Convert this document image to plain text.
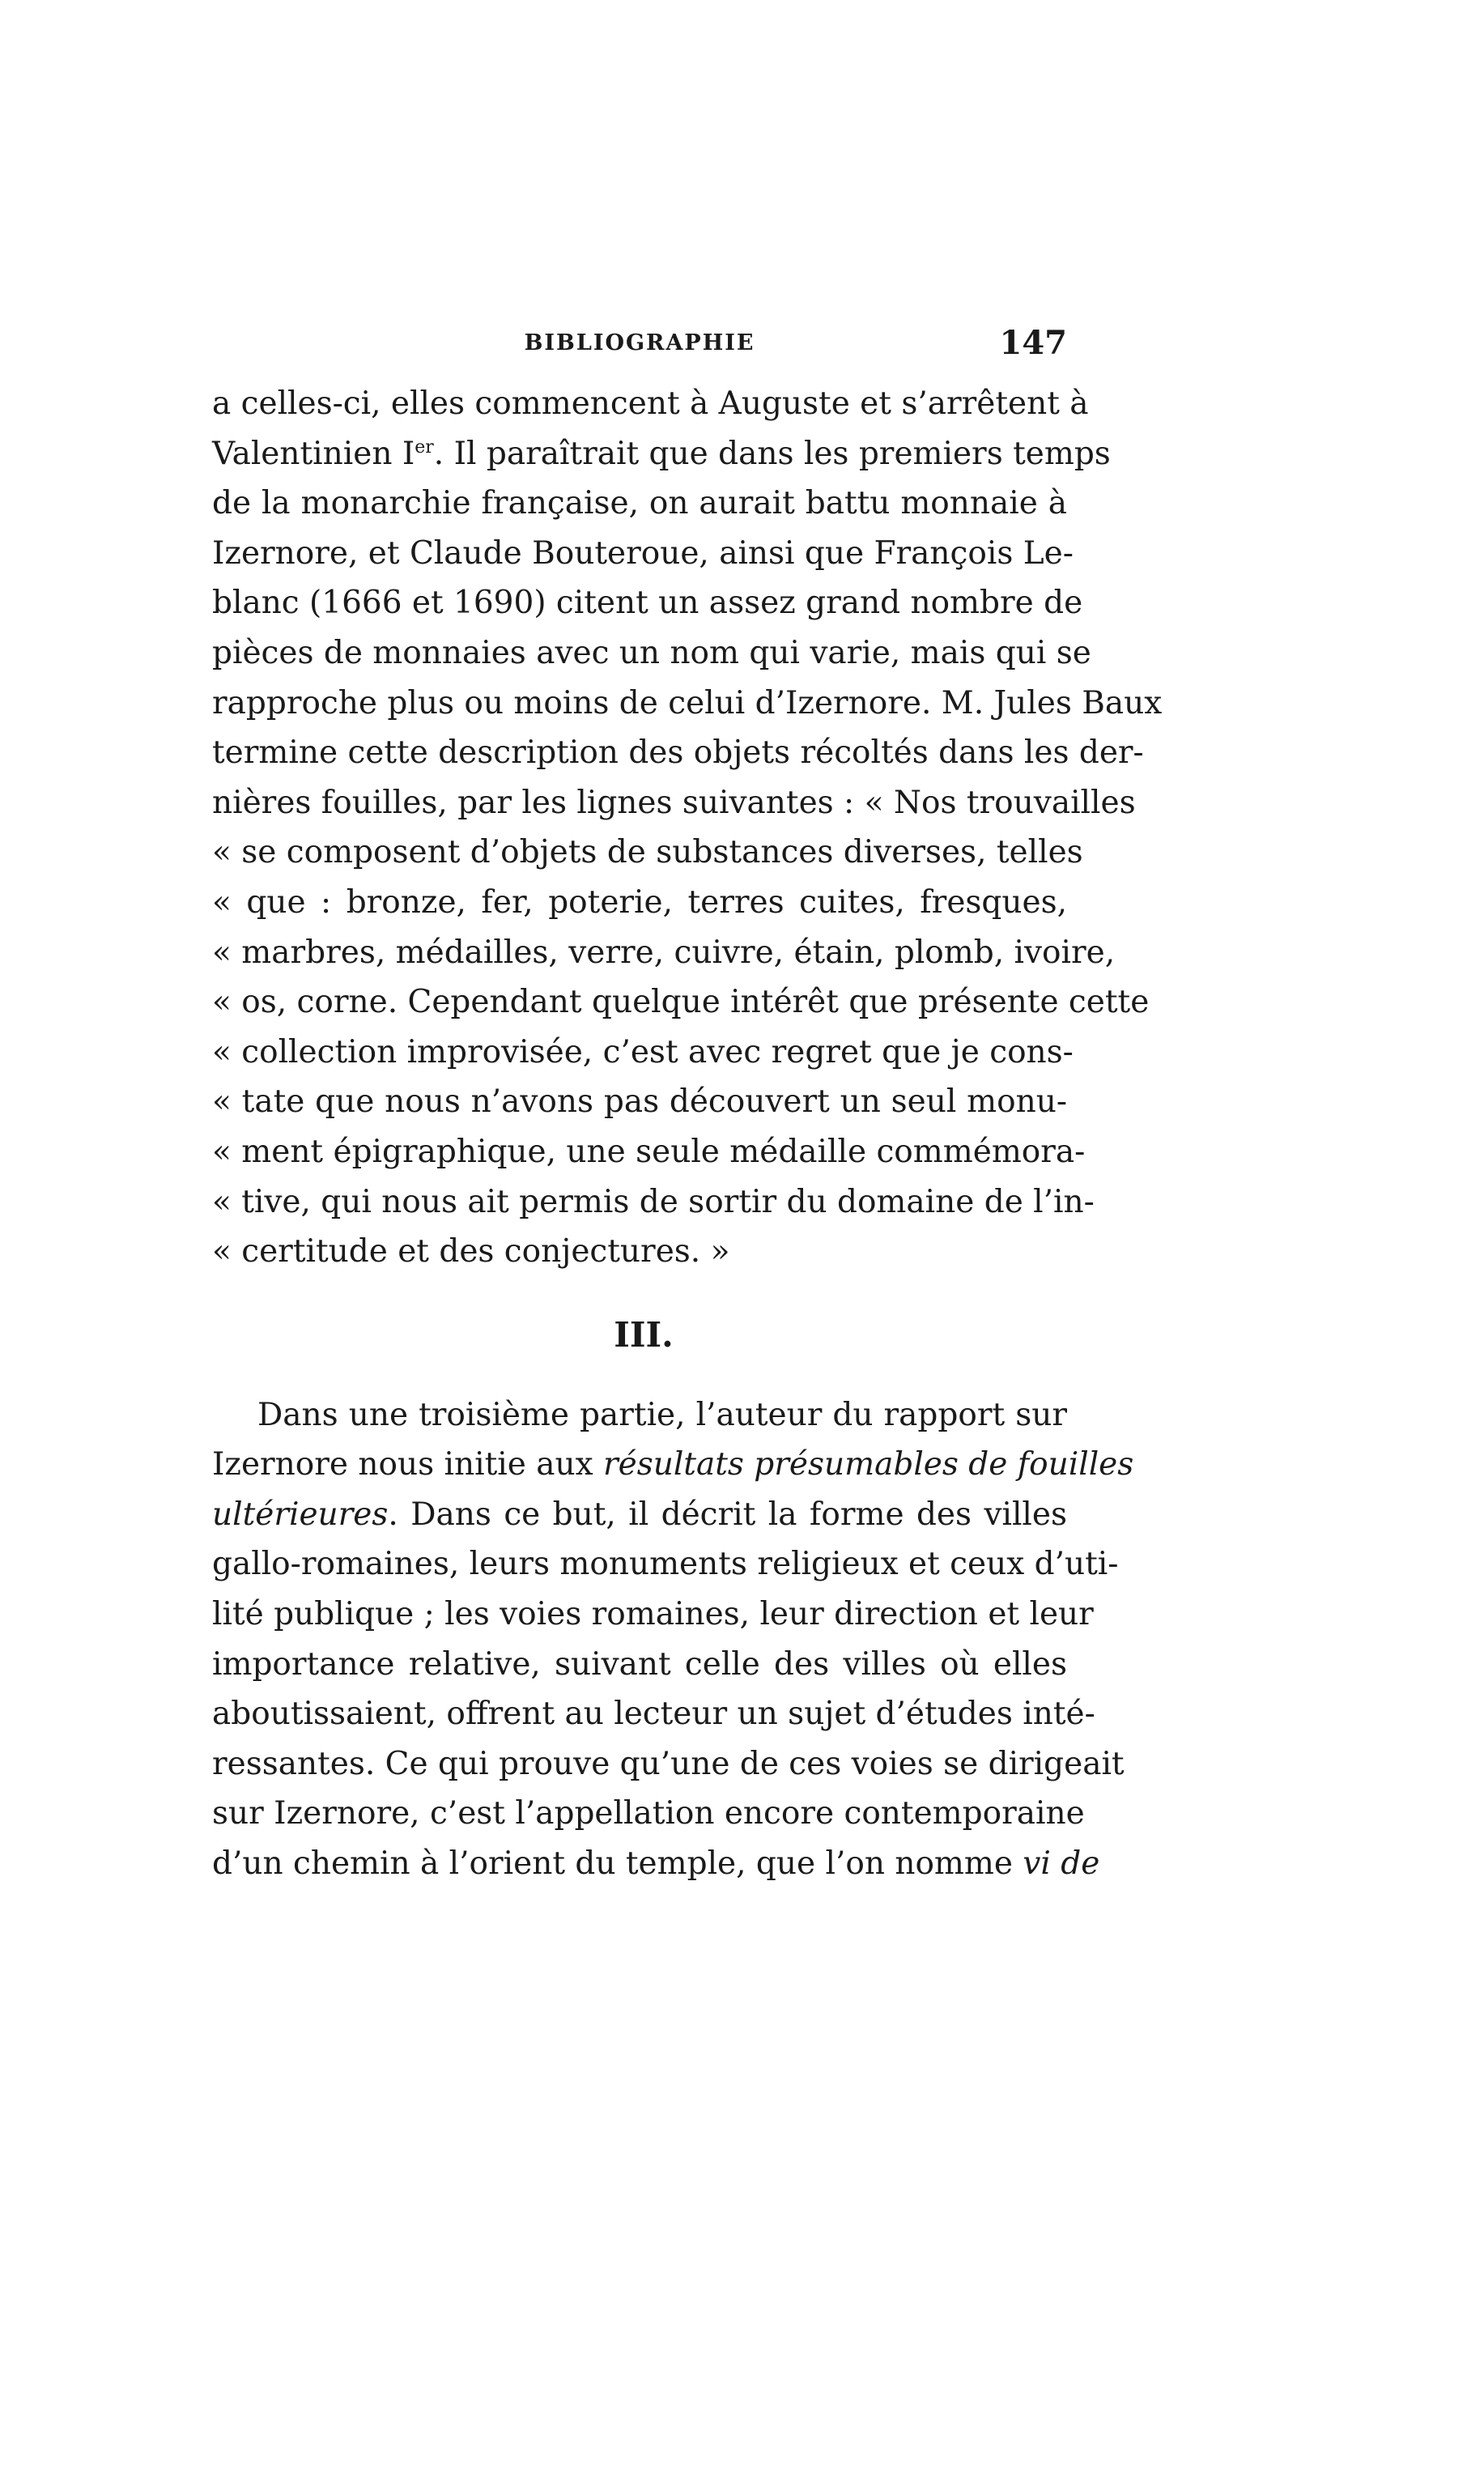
BIBLIOGRAPHIE	147
a celles-ci, elles commencent à Auguste et s’arrêtent à
Valentinien Ier. Il paraîtrait que dans les premiers temps
de la monarchie française, on aurait battu monnaie à
Izernore, et Claude Bouteroue, ainsi que François Le-
blanc (1666 et 1690) citent un assez grand nombre de
pièces de monnaies avec un nom qui varie, mais qui se
rapproche plus ou moins de celui d’Izernore. M. Jules Baux
termine cette description des objets récoltés dans les der-
nières fouilles, par les lignes suivantes : « Nos trouvailles
« se composent d’objets de substances diverses, telles
« que : bronze, fer, poterie, terres cuites, fresques,
« marbres, médailles, verre, cuivre, étain, plomb, ivoire,
« os, corne. Cependant quelque intérêt que présente cette
« collection improvisée, c’est avec regret que je cons-
« tate que nous n’avons pas découvert un seul monu-
« ment épigraphique, une seule médaille commémora-
« tive, qui nous ait permis de sortir du domaine de l’in-
« certitude et des conjectures. »
III.
Dans une troisième partie, l’auteur du rapport sur
Izernore nous initie aux résultats présumables de fouilles
ultérieures. Dans ce but, il décrit la forme des villes
gallo-romaines, leurs monuments religieux et ceux d’uti-
lité publique ; les voies romaines, leur direction et leur
importance relative, suivant celle des villes où elles
aboutissaient, offrent au lecteur un sujet d’études inté-
ressantes. Ce qui prouve qu’une de ces voies se dirigeait
sur Izernore, c’est l’appellation encore contemporaine
d’un chemin à l’orient du temple, que l’on nomme vi de
